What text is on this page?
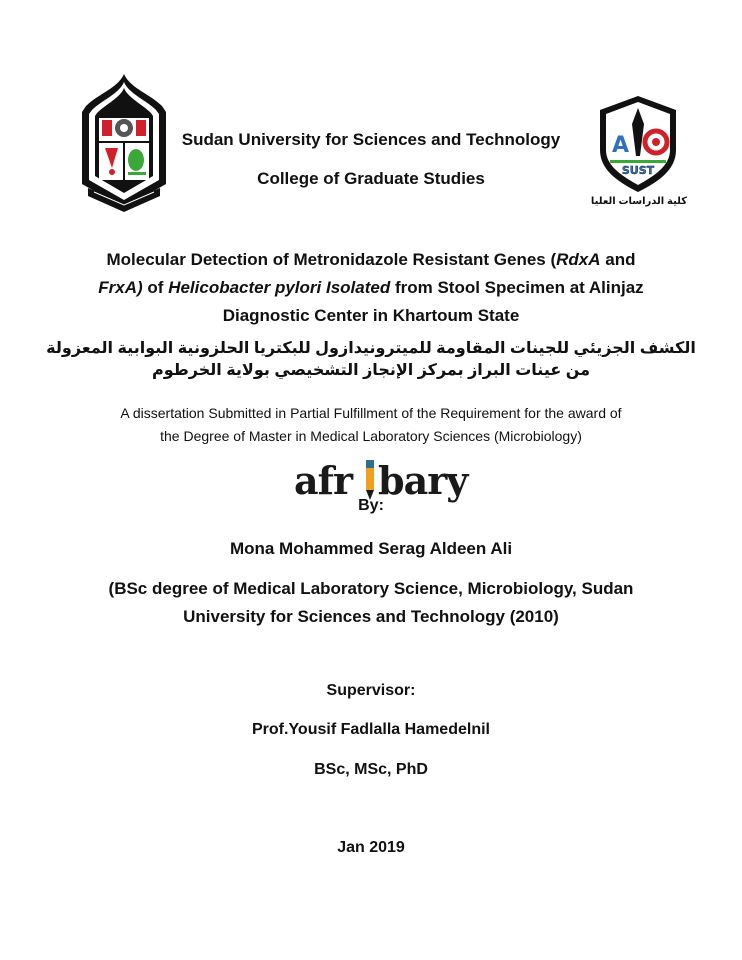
Sudan University for Sciences and Technology
College of Graduate Studies
A
SUST
كلية الدراسات العليا
Molecular Detection of Metronidazole Resistant Genes (RdxA and
FrxA) of Helicobacter pylori Isolated from Stool Specimen at Alinjaz
Diagnostic Center in Khartoum State
الكشف الجزيئي للجينات المقاومة للميترونيدازول للبكتريا الحلزونية البوابية المعزولة
من عينات البراز بمركز الإنجاز التشخيصي بولاية الخرطوم
A dissertation Submitted in Partial Fulfillment of the Requirement for the award of
the Degree of Master in Medical Laboratory Sciences (Microbiology)
afr bary
By:
Mona Mohammed Serag Aldeen Ali
(BSc degree of Medical Laboratory Science, Microbiology, Sudan
University for Sciences and Technology (2010)
Supervisor:
Prof.Yousif Fadlalla Hamedelnil
BSc, MSc, PhD
Jan 2019
